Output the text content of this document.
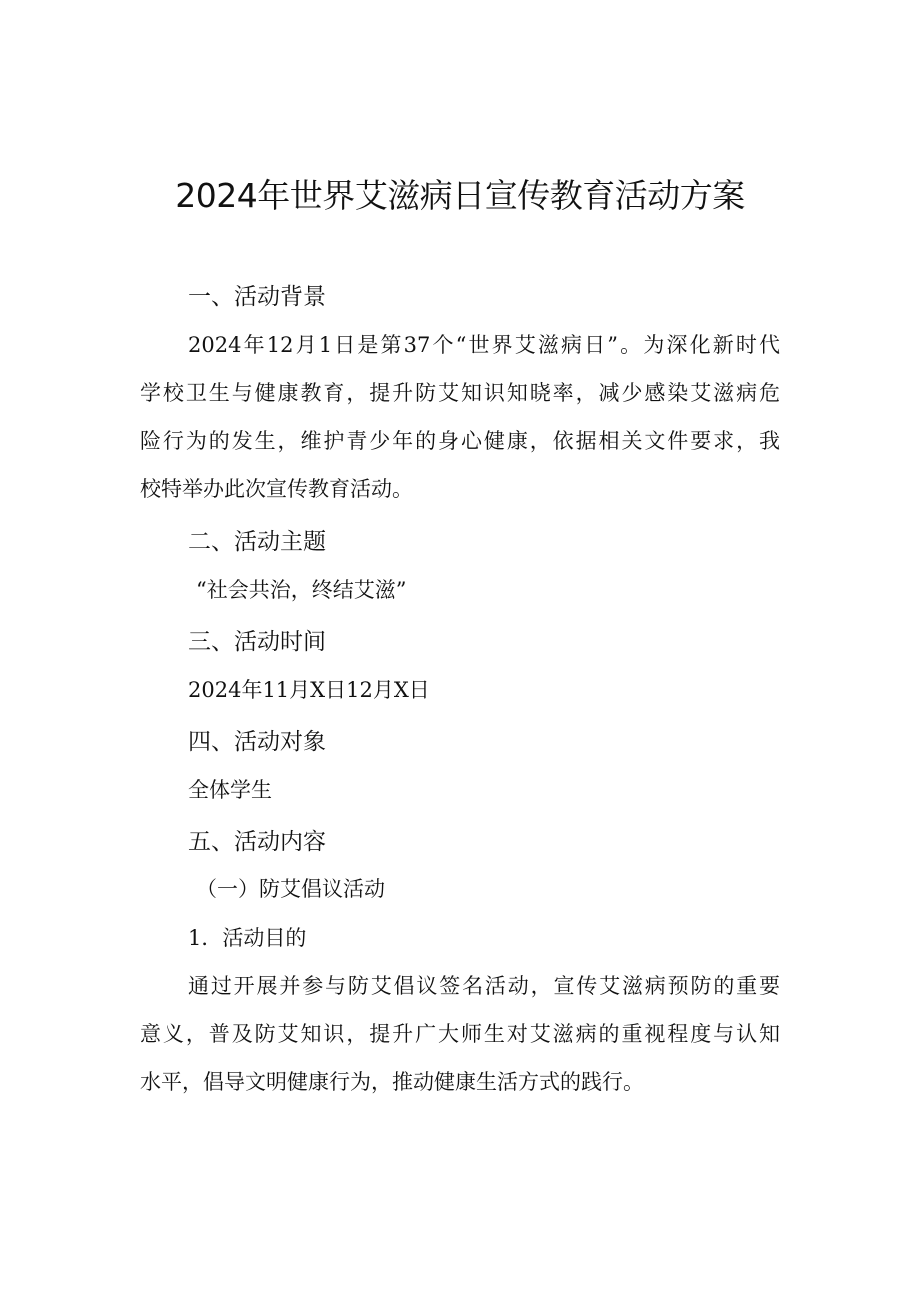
2024年世界艾滋病日宣传教育活动方案
一、活动背景
2024年12月1日是第37个“世界艾滋病日”。为深化新时代
学校卫生与健康教育，提升防艾知识知晓率，减少感染艾滋病危
险行为的发生，维护青少年的身心健康，依据相关文件要求，我
校特举办此次宣传教育活动。
二、活动主题
“社会共治，终结艾滋”
三、活动时间
2024年11月X日12月X日
四、活动对象
全体学生
五、活动内容
（一）防艾倡议活动
1．活动目的
通过开展并参与防艾倡议签名活动，宣传艾滋病预防的重要
意义，普及防艾知识，提升广大师生对艾滋病的重视程度与认知
水平，倡导文明健康行为，推动健康生活方式的践行。
